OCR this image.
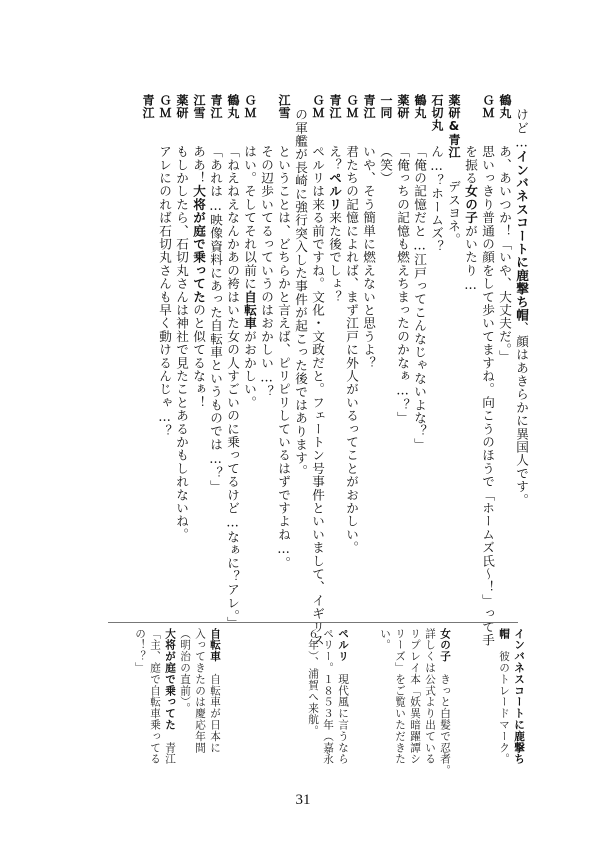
けど…インバネスコートに鹿撃ち帽、顔はあきらかに異国人です。
鶴丸
あ、あいつか！「いや、大丈夫だ。」
ＧＭ
思いっきり普通の顔をして歩いてますね。向こうのほうで「ホームズ氏～！」って手
を振る女の子がいたり…
薬研&青江
デスヨネ。
石切丸
ん…？ホームズ？
鶴丸
「俺の記憶だと…江戸ってこんなじゃないよな？」
薬研
「俺っちの記憶も燃えちまったのかなぁ…？」
一同
（笑）
青江
いや、そう簡単に燃えないと思うよ？
ＧＭ
君たちの記憶によれば、まず江戸に外人がいるってことがおかしい。
青江
え？ペルリ来た後でしょ？
ＧＭ
ペルリは来る前ですね。文化・文政だと。フェートン号事件といいまして、イギリス
の軍艦が長崎に強行突入した事件が起こった後ではあります。
江雪
ということは、どちらかと言えば、ピリピリしているはずですよね…。
その辺歩いてるっていうのはおかしい…？
ＧＭ
はい。そしてそれ以前に自転車がおかしい。
鶴丸
「ねえねえなんかあの袴はいた女の人すごいのに乗ってるけど…なぁに？アレ。」
青江
「あれは…映像資料にあった自転車というものでは…？」
江雪
ああ！大将が庭で乗ってたのと似てるなぁ！
薬研
もしかしたら、石切丸さんは神社で見たことあるかもしれないね。
ＧＭ
アレにのれば石切丸さんも早く動けるんじゃ…？
青江
インバネスコートに鹿撃ち
帽　彼のトレードマーク。
女の子　きっと白髪で忍者。
詳しくは公式より出ている
リプレイ本「妖異暗躍譚シ
リーズ」をご覧いただきた
い。
ペルリ　現代風に言うなら
ペリー。１８５３年（嘉永
６年）、浦賀へ来航。
自転車　自転車が日本に
入ってきたのは慶応年間
（明治の直前）。
大将が庭で乗ってた　青江
「主、庭で自転車乗ってる
の！？」
31
